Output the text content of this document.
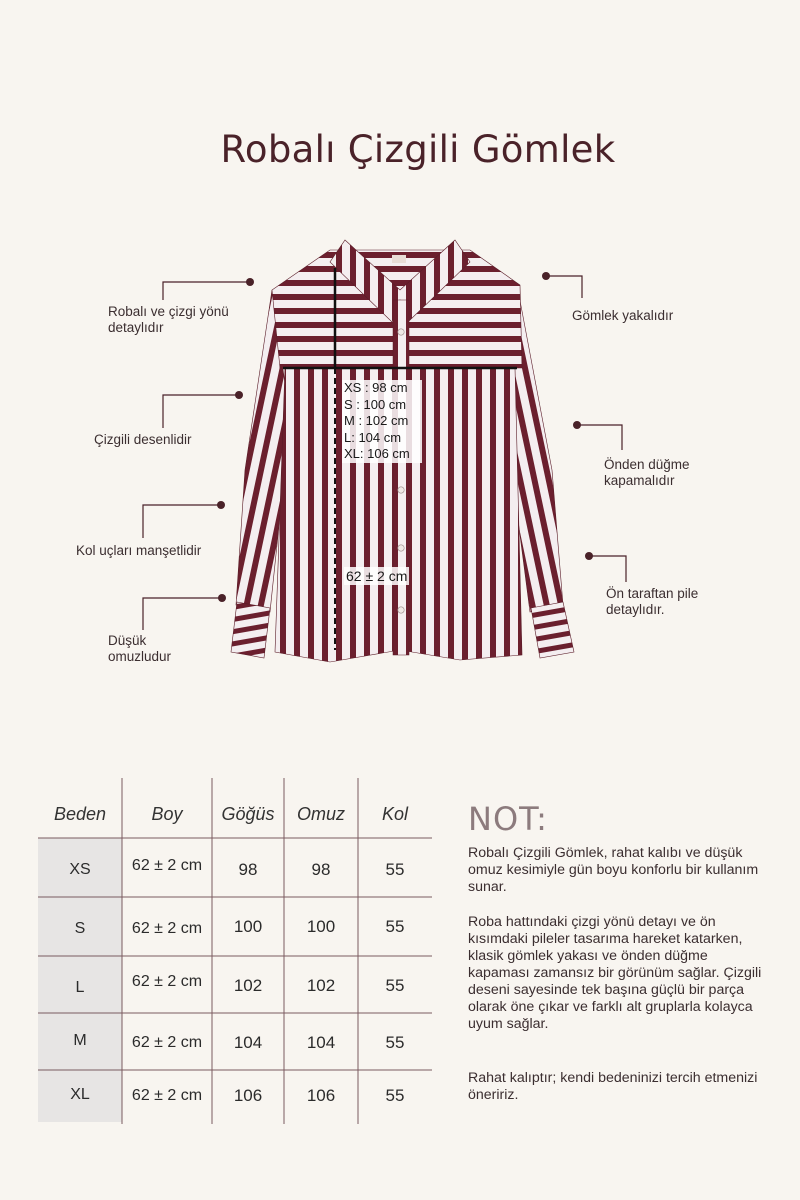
Robalı Çizgili Gömlek
Robalı ve çizgi yönü detaylıdır
Çizgili desenlidir
Kol uçları manşetlidir
Düşük omuzludur
Gömlek yakalıdır
Önden düğme kapamalıdır
Ön taraftan pile detaylıdır.
XS : 98 cm
S : 100 cm
M : 102 cm
L: 104 cm
XL: 106 cm
62 ± 2 cm
Beden	Boy	Göğüs	Omuz	Kol
XS	62 ± 2 cm	98	98	55
S	62 ± 2 cm	100	100	55
L	62 ± 2 cm	102	102	55
M	62 ± 2 cm	104	104	55
XL	62 ± 2 cm	106	106	55
NOT:

Robalı Çizgili Gömlek, rahat kalıbı ve düşük omuz kesimiyle gün boyu konforlu bir kullanım sunar.

Roba hattındaki çizgi yönü detayı ve ön kısımdaki pileler tasarıma hareket katarken, klasik gömlek yakası ve önden düğme kapaması zamansız bir görünüm sağlar. Çizgili deseni sayesinde tek başına güçlü bir parça olarak öne çıkar ve farklı alt gruplarla kolayca uyum sağlar.

Rahat kalıptır; kendi bedeninizi tercih etmenizi öneririz.
